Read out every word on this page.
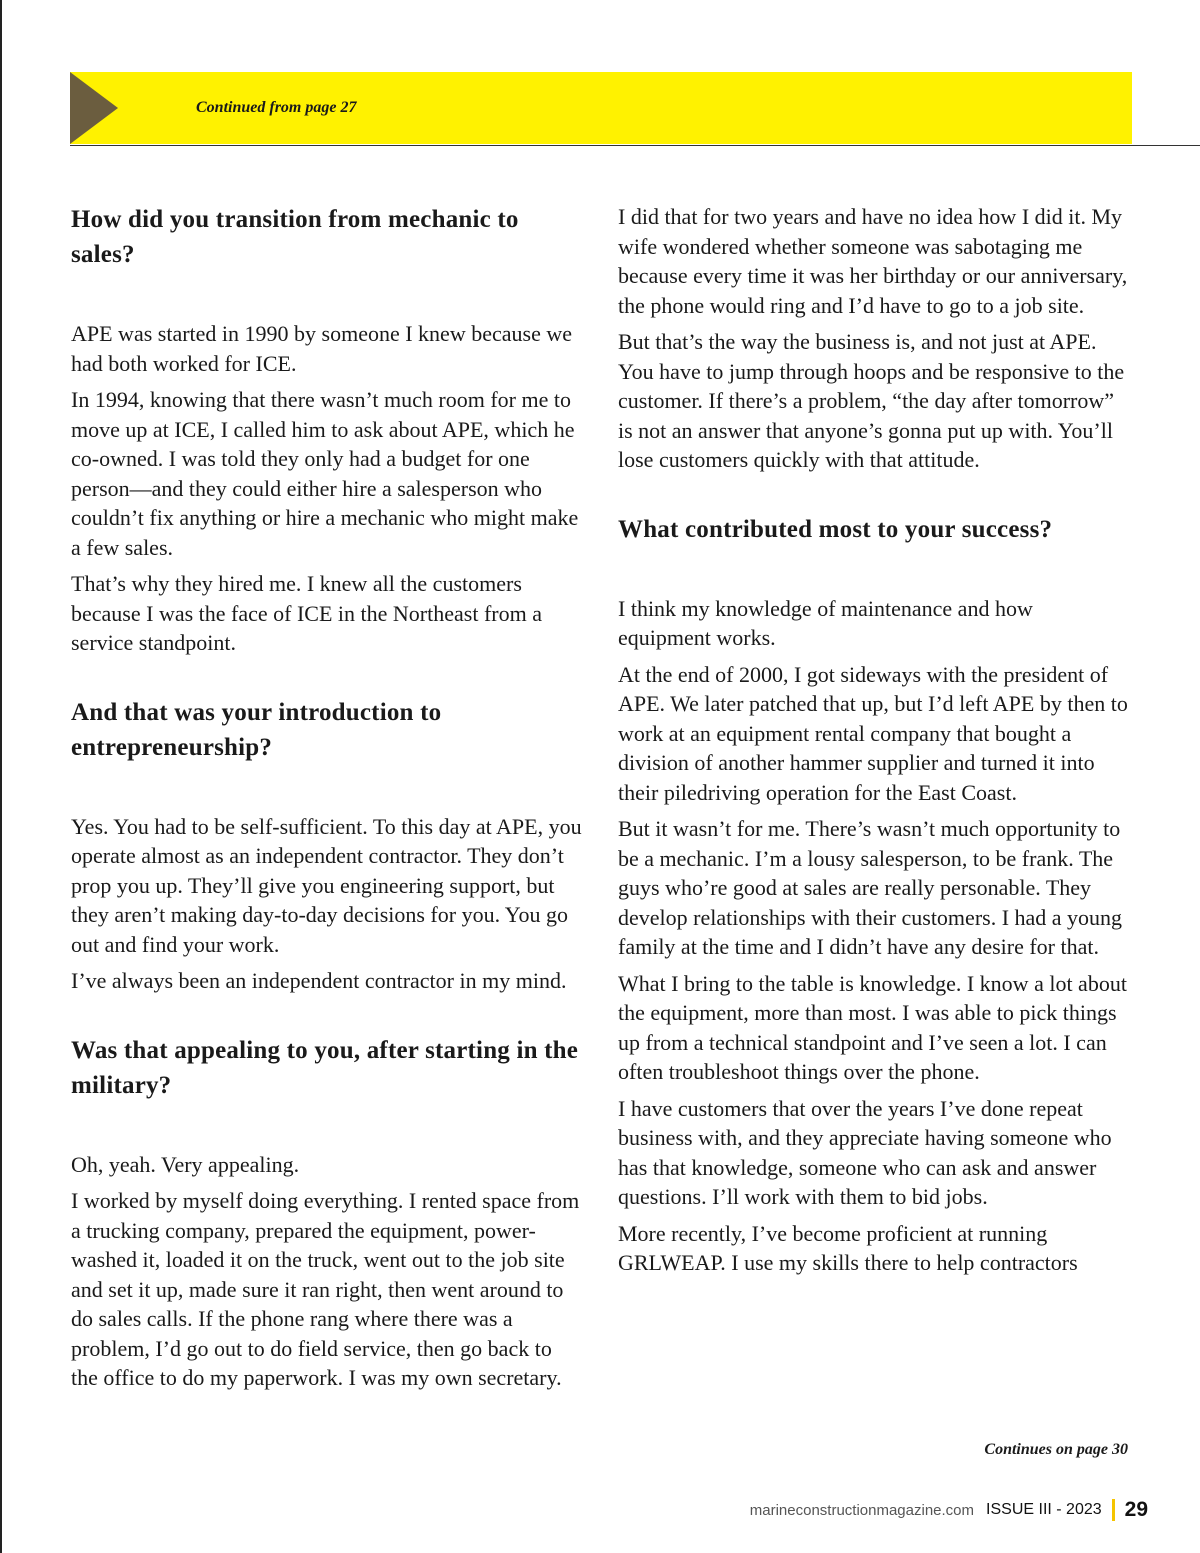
Continued from page 27
How did you transition from mechanic to sales?

APE was started in 1990 by someone I knew because we had both worked for ICE.

In 1994, knowing that there wasn’t much room for me to move up at ICE, I called him to ask about APE, which he co-owned. I was told they only had a budget for one person—and they could either hire a salesperson who couldn’t fix anything or hire a mechanic who might make a few sales.

That’s why they hired me. I knew all the customers because I was the face of ICE in the Northeast from a service standpoint.

And that was your introduction to entrepreneurship?

Yes. You had to be self-sufficient. To this day at APE, you operate almost as an independent contractor. They don’t prop you up. They’ll give you engineering support, but they aren’t making day-to-day decisions for you. You go out and find your work.

I’ve always been an independent contractor in my mind.

Was that appealing to you, after starting in the military?

Oh, yeah. Very appealing.

I worked by myself doing everything. I rented space from a trucking company, prepared the equipment, power-washed it, loaded it on the truck, went out to the job site and set it up, made sure it ran right, then went around to do sales calls. If the phone rang where there was a problem, I’d go out to do field service, then go back to the office to do my paperwork. I was my own secretary.

I did that for two years and have no idea how I did it. My wife wondered whether someone was sabotaging me because every time it was her birthday or our anniversary, the phone would ring and I’d have to go to a job site.

But that’s the way the business is, and not just at APE. You have to jump through hoops and be responsive to the customer. If there’s a problem, “the day after tomorrow” is not an answer that anyone’s gonna put up with. You’ll lose customers quickly with that attitude.

What contributed most to your success?

I think my knowledge of maintenance and how equipment works.

At the end of 2000, I got sideways with the president of APE. We later patched that up, but I’d left APE by then to work at an equipment rental company that bought a division of another hammer supplier and turned it into their piledriving operation for the East Coast.

But it wasn’t for me. There’s wasn’t much opportunity to be a mechanic. I’m a lousy salesperson, to be frank. The guys who’re good at sales are really personable. They develop relationships with their customers. I had a young family at the time and I didn’t have any desire for that.

What I bring to the table is knowledge. I know a lot about the equipment, more than most. I was able to pick things up from a technical standpoint and I’ve seen a lot. I can often troubleshoot things over the phone.

I have customers that over the years I’ve done repeat business with, and they appreciate having someone who has that knowledge, someone who can ask and answer questions. I’ll work with them to bid jobs.

More recently, I’ve become proficient at running GRLWEAP. I use my skills there to help contractors

Continues on page 30
marineconstructionmagazine.com ISSUE III - 2023 29
